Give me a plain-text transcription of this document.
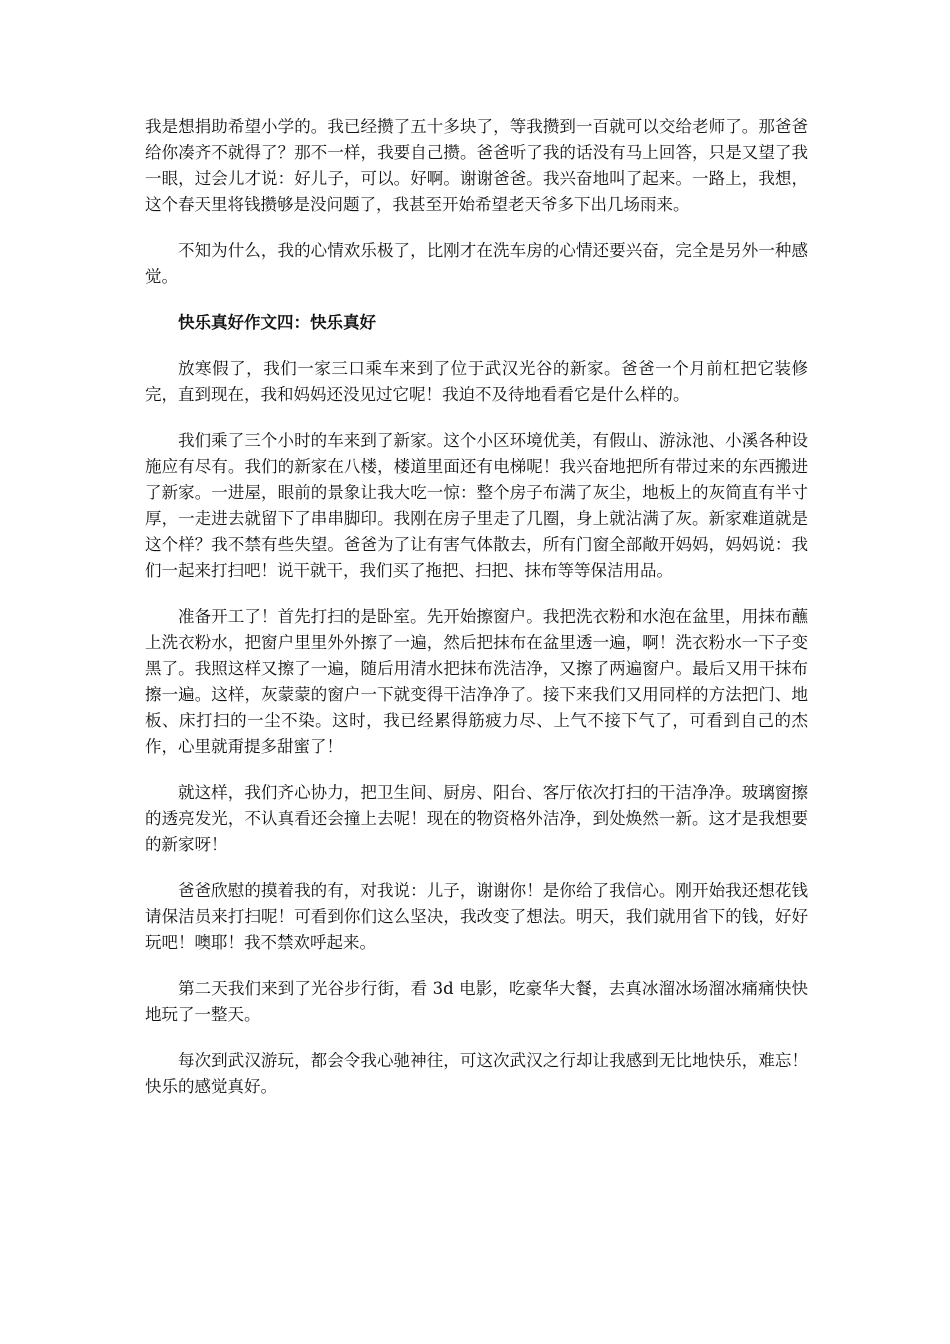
我是想捐助希望小学的。我已经攒了五十多块了，等我攒到一百就可以交给老师了。那爸爸给你凑齐不就得了？那不一样，我要自己攒。爸爸听了我的话没有马上回答，只是又望了我一眼，过会儿才说：好儿子，可以。好啊。谢谢爸爸。我兴奋地叫了起来。一路上，我想，这个春天里将钱攒够是没问题了，我甚至开始希望老天爷多下出几场雨来。

不知为什么，我的心情欢乐极了，比刚才在洗车房的心情还要兴奋，完全是另外一种感觉。

快乐真好作文四：快乐真好

放寒假了，我们一家三口乘车来到了位于武汉光谷的新家。爸爸一个月前杠把它装修完，直到现在，我和妈妈还没见过它呢！我迫不及待地看看它是什么样的。

我们乘了三个小时的车来到了新家。这个小区环境优美，有假山、游泳池、小溪各种设施应有尽有。我们的新家在八楼，楼道里面还有电梯呢！我兴奋地把所有带过来的东西搬进了新家。一进屋，眼前的景象让我大吃一惊：整个房子布满了灰尘，地板上的灰简直有半寸厚，一走进去就留下了串串脚印。我刚在房子里走了几圈，身上就沾满了灰。新家难道就是这个样？我不禁有些失望。爸爸为了让有害气体散去，所有门窗全部敞开妈妈，妈妈说：我们一起来打扫吧！说干就干，我们买了拖把、扫把、抹布等等保洁用品。

准备开工了！首先打扫的是卧室。先开始擦窗户。我把洗衣粉和水泡在盆里，用抹布蘸上洗衣粉水，把窗户里里外外擦了一遍，然后把抹布在盆里透一遍，啊！洗衣粉水一下子变黑了。我照这样又擦了一遍，随后用清水把抹布洗洁净，又擦了两遍窗户。最后又用干抹布擦一遍。这样，灰蒙蒙的窗户一下就变得干洁净净了。接下来我们又用同样的方法把门、地板、床打扫的一尘不染。这时，我已经累得筋疲力尽、上气不接下气了，可看到自己的杰作，心里就甭提多甜蜜了！

就这样，我们齐心协力，把卫生间、厨房、阳台、客厅依次打扫的干洁净净。玻璃窗擦的透亮发光，不认真看还会撞上去呢！现在的物资格外洁净，到处焕然一新。这才是我想要的新家呀！

爸爸欣慰的摸着我的有，对我说：儿子，谢谢你！是你给了我信心。刚开始我还想花钱请保洁员来打扫呢！可看到你们这么坚决，我改变了想法。明天，我们就用省下的钱，好好玩吧！噢耶！我不禁欢呼起来。

第二天我们来到了光谷步行街，看 3d 电影，吃豪华大餐，去真冰溜冰场溜冰痛痛快快地玩了一整天。

每次到武汉游玩，都会令我心驰神往，可这次武汉之行却让我感到无比地快乐，难忘！快乐的感觉真好。
